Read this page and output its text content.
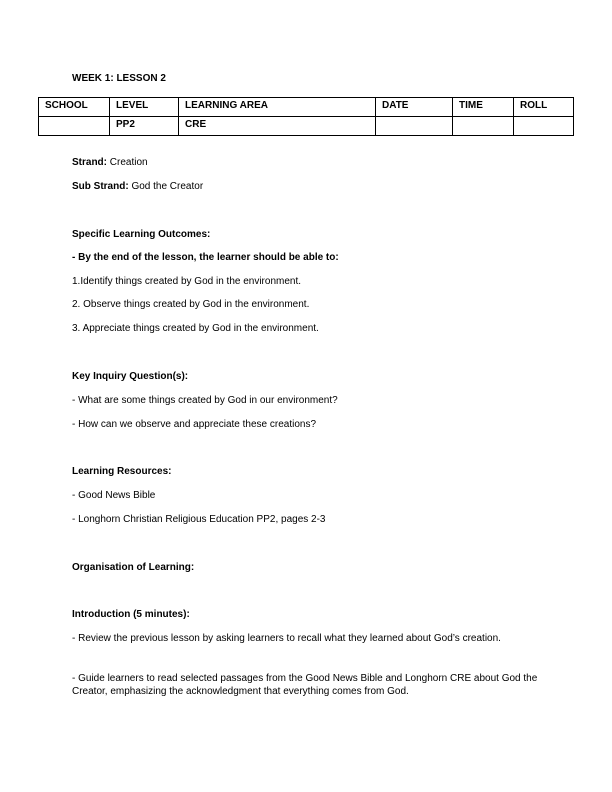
WEEK 1: LESSON 2
SCHOOL	LEVEL	LEARNING AREA	DATE	TIME	ROLL
	PP2	CRE			
Strand: Creation
Sub Strand: God the Creator
Specific Learning Outcomes:
- By the end of the lesson, the learner should be able to:
1.Identify things created by God in the environment.
2. Observe things created by God in the environment.
3. Appreciate things created by God in the environment.
Key Inquiry Question(s):
- What are some things created by God in our environment?
- How can we observe and appreciate these creations?
Learning Resources:
- Good News Bible
- Longhorn Christian Religious Education PP2, pages 2-3
Organisation of Learning:
Introduction (5 minutes):
- Review the previous lesson by asking learners to recall what they learned about God’s creation.
- Guide learners to read selected passages from the Good News Bible and Longhorn CRE about God the Creator, emphasizing the acknowledgment that everything comes from God.
